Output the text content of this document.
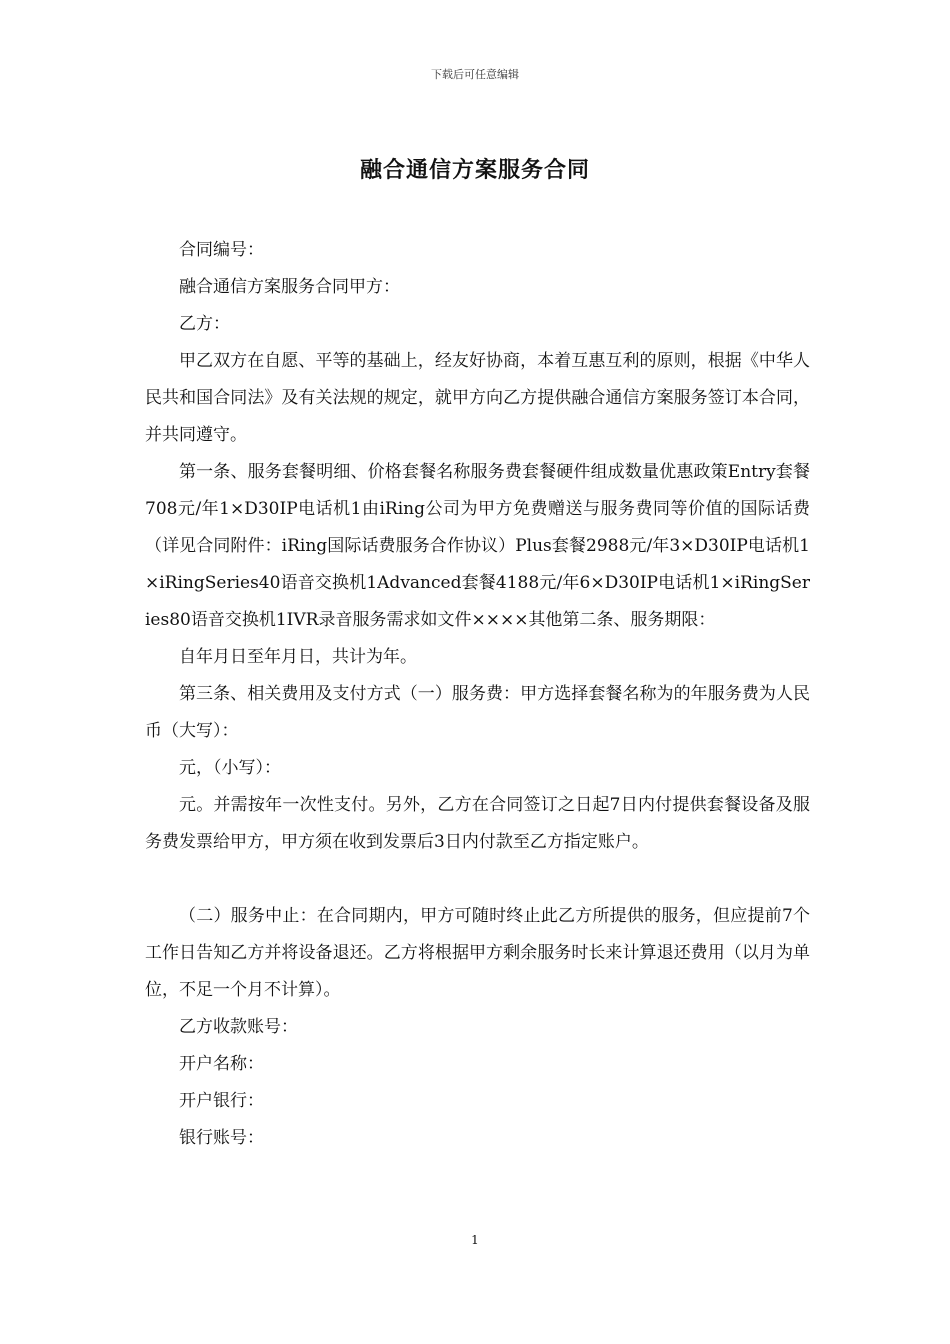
下载后可任意编辑
融合通信方案服务合同

合同编号：

融合通信方案服务合同甲方：

乙方：

甲乙双方在自愿、平等的基础上，经友好协商，本着互惠互利的原则，根据《中华人民共和国合同法》及有关法规的规定，就甲方向乙方提供融合通信方案服务签订本合同，并共同遵守。

第一条、服务套餐明细、价格套餐名称服务费套餐硬件组成数量优惠政策Entry套餐708元/年1×D30IP电话机1由iRing公司为甲方免费赠送与服务费同等价值的国际话费（详见合同附件：iRing国际话费服务合作协议）Plus套餐2988元/年3×D30IP电话机1×iRingSeries40语音交换机1Advanced套餐4188元/年6×D30IP电话机1×iRingSeries80语音交换机1IVR录音服务需求如文件××××其他第二条、服务期限：

自年月日至年月日，共计为年。

第三条、相关费用及支付方式（一）服务费：甲方选择套餐名称为的年服务费为人民币（大写）：

元，（小写）：

元。并需按年一次性支付。另外，乙方在合同签订之日起7日内付提供套餐设备及服务费发票给甲方，甲方须在收到发票后3日内付款至乙方指定账户。

（二）服务中止：在合同期内，甲方可随时终止此乙方所提供的服务，但应提前7个工作日告知乙方并将设备退还。乙方将根据甲方剩余服务时长来计算退还费用（以月为单位，不足一个月不计算）。

乙方收款账号：

开户名称：

开户银行：

银行账号：

1
